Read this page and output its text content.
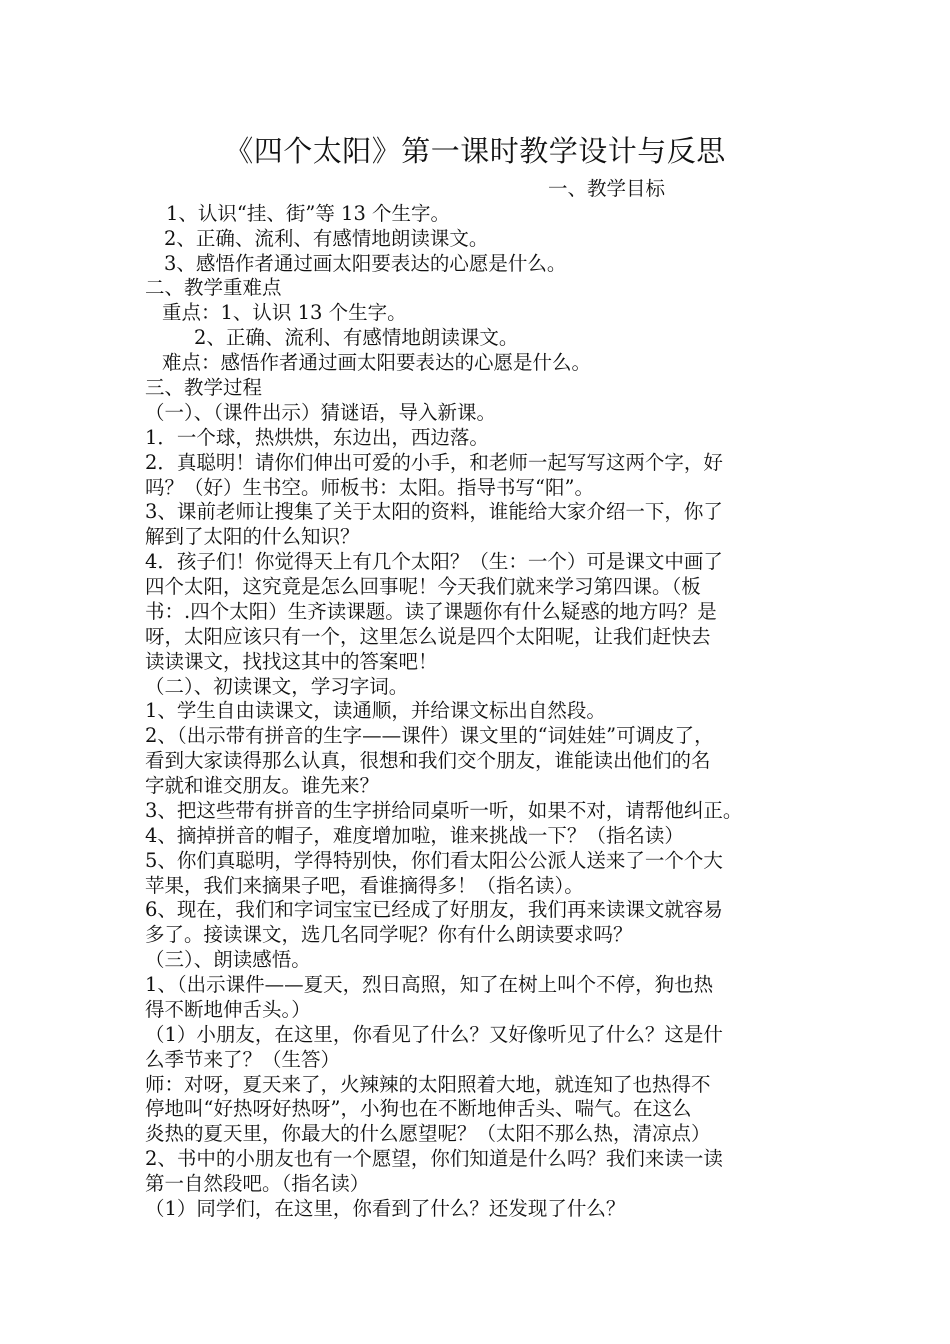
《四个太阳》第一课时教学设计与反思
一、教学目标
1、认识“挂、街”等 13 个生字。
2、正确、流利、有感情地朗读课文。
3、感悟作者通过画太阳要表达的心愿是什么。
二、教学重难点
重点：1、认识 13 个生字。
2、正确、流利、有感情地朗读课文。
难点：感悟作者通过画太阳要表达的心愿是什么。
三、教学过程
（一）、（课件出示）猜谜语，导入新课。
1．一个球，热烘烘，东边出，西边落。
2．真聪明！请你们伸出可爱的小手，和老师一起写写这两个字，好
吗？（好）生书空。师板书：太阳。指导书写“阳”。
3、课前老师让搜集了关于太阳的资料，谁能给大家介绍一下，你了
解到了太阳的什么知识？
4．孩子们！你觉得天上有几个太阳？（生：一个）可是课文中画了
四个太阳，这究竟是怎么回事呢！今天我们就来学习第四课。（板
书：.四个太阳）生齐读课题。读了课题你有什么疑惑的地方吗？是
呀，太阳应该只有一个，这里怎么说是四个太阳呢，让我们赶快去
读读课文，找找这其中的答案吧！
（二）、初读课文，学习字词。
1、学生自由读课文，读通顺，并给课文标出自然段。
2、（出示带有拼音的生字——课件）课文里的“词娃娃”可调皮了，
看到大家读得那么认真，很想和我们交个朋友，谁能读出他们的名
字就和谁交朋友。谁先来？
3、把这些带有拼音的生字拼给同桌听一听，如果不对，请帮他纠正。
4、摘掉拼音的帽子，难度增加啦，谁来挑战一下？（指名读）
5、你们真聪明，学得特别快，你们看太阳公公派人送来了一个个大
苹果，我们来摘果子吧，看谁摘得多！（指名读）。
6、现在，我们和字词宝宝已经成了好朋友，我们再来读课文就容易
多了。接读课文，选几名同学呢？你有什么朗读要求吗？
（三）、朗读感悟。
1、（出示课件——夏天，烈日高照，知了在树上叫个不停，狗也热
得不断地伸舌头。）
（1）小朋友，在这里，你看见了什么？又好像听见了什么？这是什
么季节来了？（生答）
师：对呀，夏天来了，火辣辣的太阳照着大地，就连知了也热得不
停地叫“好热呀好热呀”，小狗也在不断地伸舌头、喘气。在这么
炎热的夏天里，你最大的什么愿望呢？（太阳不那么热，清凉点）
2、书中的小朋友也有一个愿望，你们知道是什么吗？我们来读一读
第一自然段吧。（指名读）
（1）同学们，在这里，你看到了什么？还发现了什么？
